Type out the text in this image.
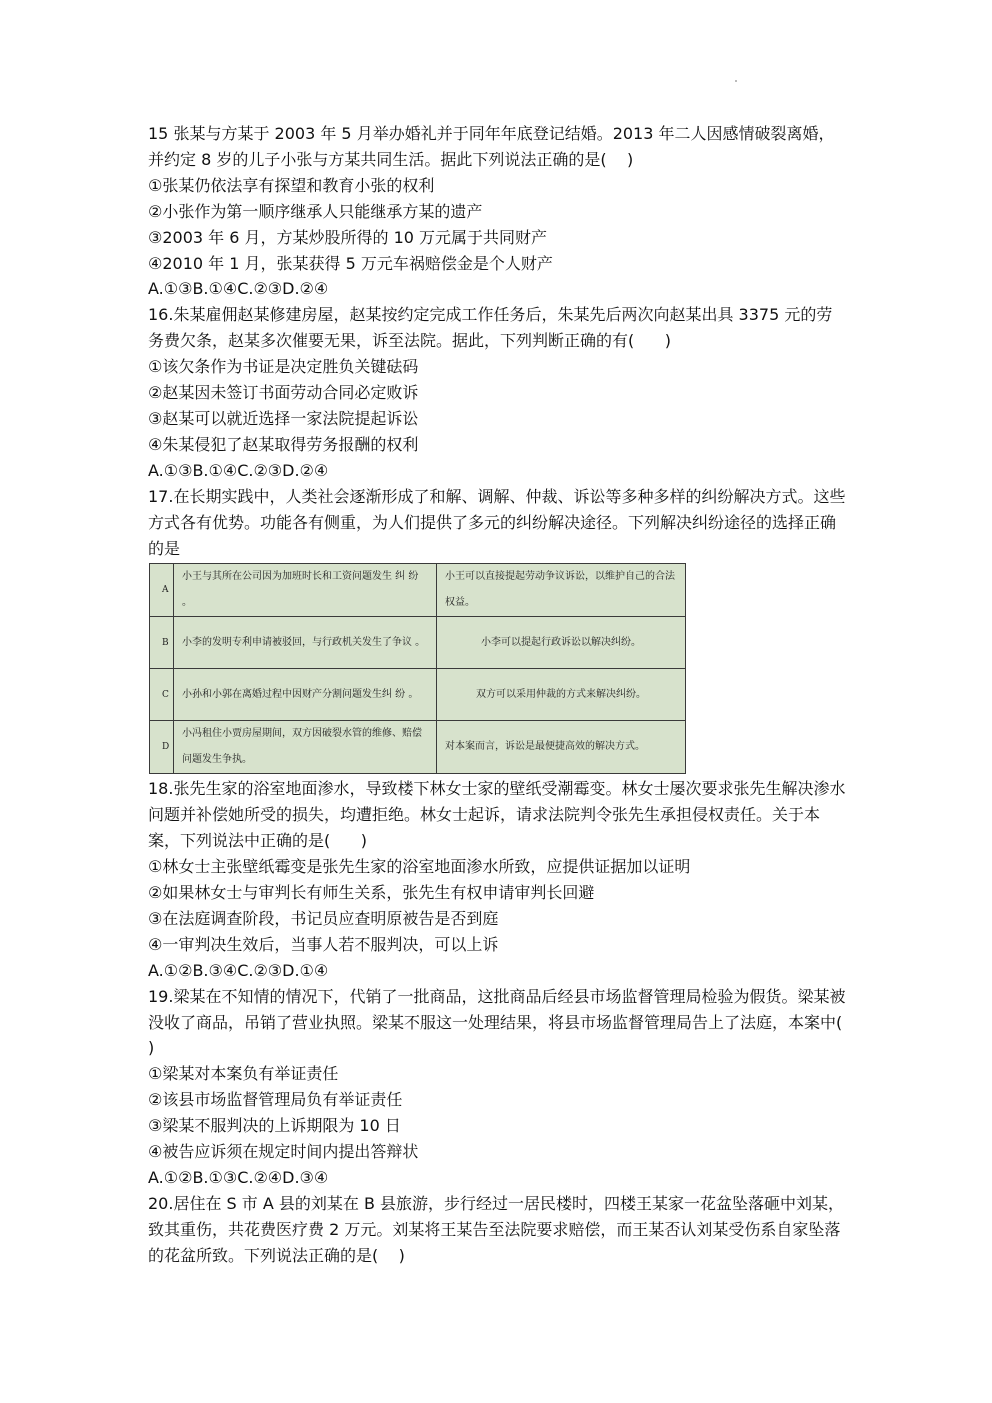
15 张某与方某于 2003 年 5 月举办婚礼并于同年年底登记结婚。2013 年二人因感情破裂离婚，并约定 8 岁的儿子小张与方某共同生活。据此下列说法正确的是(    )

①张某仍依法享有探望和教育小张的权利

②小张作为第一顺序继承人只能继承方某的遗产

③2003 年 6 月，方某炒股所得的 10 万元属于共同财产

④2010 年 1 月，张某获得 5 万元车祸赔偿金是个人财产

A.①③B.①④C.②③D.②④

16.朱某雇佣赵某修建房屋，赵某按约定完成工作任务后，朱某先后两次向赵某出具 3375 元的劳务费欠条，赵某多次催要无果，诉至法院。据此，下列判断正确的有(      )

①该欠条作为书证是决定胜负关键砝码

②赵某因未签订书面劳动合同必定败诉

③赵某可以就近选择一家法院提起诉讼

④朱某侵犯了赵某取得劳务报酬的权利

A.①③B.①④C.②③D.②④

17.在长期实践中，人类社会逐渐形成了和解、调解、仲裁、诉讼等多种多样的纠纷解决方式。这些方式各有优势。功能各有侧重，为人们提供了多元的纠纷解决途径。下列解决纠纷途径的选择正确的是

A	小王与其所在公司因为加班时长和工资问题发生 纠 纷 。	小王可以直接提起劳动争议诉讼，以维护自己的合法权益。
B	小李的发明专利申请被驳回，与行政机关发生了争议 。	小李可以提起行政诉讼以解决纠纷。
C	小孙和小郭在离婚过程中因财产分割问题发生纠 纷 。	双方可以采用仲裁的方式来解决纠纷。
D	小冯租住小贾房屋期间，双方因破裂水管的维修、赔偿问题发生争执。	对本案而言，诉讼是最便捷高效的解决方式。

18.张先生家的浴室地面渗水，导致楼下林女士家的壁纸受潮霉变。林女士屡次要求张先生解决渗水问题并补偿她所受的损失，均遭拒绝。林女士起诉，请求法院判令张先生承担侵权责任。关于本案，下列说法中正确的是(      )

①林女士主张壁纸霉变是张先生家的浴室地面渗水所致，应提供证据加以证明

②如果林女士与审判长有师生关系，张先生有权申请审判长回避

③在法庭调查阶段，书记员应查明原被告是否到庭

④一审判决生效后，当事人若不服判决，可以上诉

A.①②B.③④C.②③D.①④

19.梁某在不知情的情况下，代销了一批商品，这批商品后经县市场监督管理局检验为假货。梁某被没收了商品，吊销了营业执照。梁某不服这一处理结果，将县市场监督管理局告上了法庭，本案中(      )

①梁某对本案负有举证责任

②该县市场监督管理局负有举证责任

③梁某不服判决的上诉期限为 10 日

④被告应诉须在规定时间内提出答辩状

A.①②B.①③C.②④D.③④

20.居住在 S 市 A 县的刘某在 B 县旅游，步行经过一居民楼时，四楼王某家一花盆坠落砸中刘某，致其重伤，共花费医疗费 2 万元。刘某将王某告至法院要求赔偿，而王某否认刘某受伤系自家坠落的花盆所致。下列说法正确的是(    )
